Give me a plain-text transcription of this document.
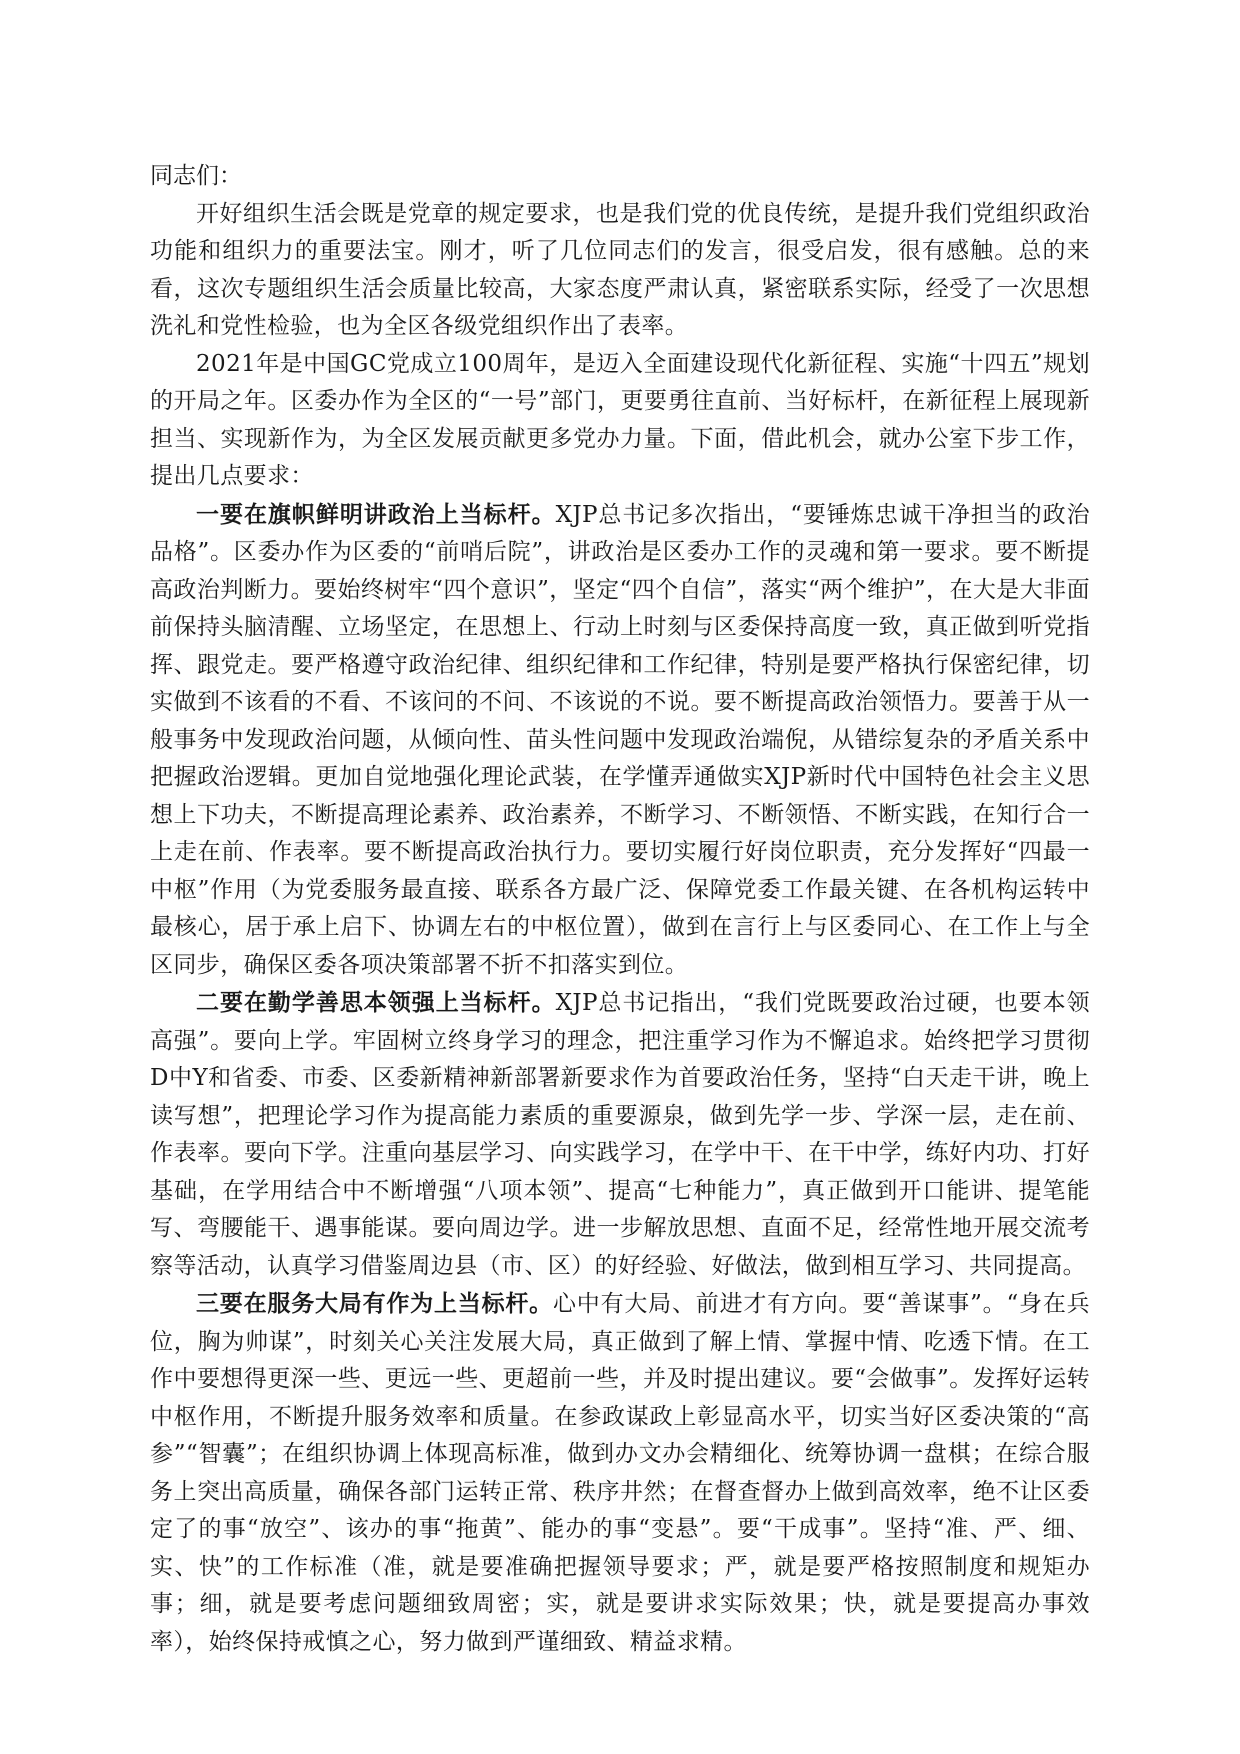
同志们：

开好组织生活会既是党章的规定要求，也是我们党的优良传统，是提升我们党组织政治功能和组织力的重要法宝。刚才，听了几位同志们的发言，很受启发，很有感触。总的来看，这次专题组织生活会质量比较高，大家态度严肃认真，紧密联系实际，经受了一次思想洗礼和党性检验，也为全区各级党组织作出了表率。

2021年是中国GC党成立100周年，是迈入全面建设现代化新征程、实施“十四五”规划的开局之年。区委办作为全区的“一号”部门，更要勇往直前、当好标杆，在新征程上展现新担当、实现新作为，为全区发展贡献更多党办力量。下面，借此机会，就办公室下步工作，提出几点要求：

一要在旗帜鲜明讲政治上当标杆。XJP总书记多次指出，“要锤炼忠诚干净担当的政治品格”。区委办作为区委的“前哨后院”，讲政治是区委办工作的灵魂和第一要求。要不断提高政治判断力。要始终树牢“四个意识”，坚定“四个自信”，落实“两个维护”，在大是大非面前保持头脑清醒、立场坚定，在思想上、行动上时刻与区委保持高度一致，真正做到听党指挥、跟党走。要严格遵守政治纪律、组织纪律和工作纪律，特别是要严格执行保密纪律，切实做到不该看的不看、不该问的不问、不该说的不说。要不断提高政治领悟力。要善于从一般事务中发现政治问题，从倾向性、苗头性问题中发现政治端倪，从错综复杂的矛盾关系中把握政治逻辑。更加自觉地强化理论武装，在学懂弄通做实XJP新时代中国特色社会主义思想上下功夫，不断提高理论素养、政治素养，不断学习、不断领悟、不断实践，在知行合一上走在前、作表率。要不断提高政治执行力。要切实履行好岗位职责，充分发挥好“四最一中枢”作用（为党委服务最直接、联系各方最广泛、保障党委工作最关键、在各机构运转中最核心，居于承上启下、协调左右的中枢位置），做到在言行上与区委同心、在工作上与全区同步，确保区委各项决策部署不折不扣落实到位。

二要在勤学善思本领强上当标杆。XJP总书记指出，“我们党既要政治过硬，也要本领高强”。要向上学。牢固树立终身学习的理念，把注重学习作为不懈追求。始终把学习贯彻D中Y和省委、市委、区委新精神新部署新要求作为首要政治任务，坚持“白天走干讲，晚上读写想”，把理论学习作为提高能力素质的重要源泉，做到先学一步、学深一层，走在前、作表率。要向下学。注重向基层学习、向实践学习，在学中干、在干中学，练好内功、打好基础，在学用结合中不断增强“八项本领”、提高“七种能力”，真正做到开口能讲、提笔能写、弯腰能干、遇事能谋。要向周边学。进一步解放思想、直面不足，经常性地开展交流考察等活动，认真学习借鉴周边县（市、区）的好经验、好做法，做到相互学习、共同提高。

三要在服务大局有作为上当标杆。心中有大局、前进才有方向。要“善谋事”。“身在兵位，胸为帅谋”，时刻关心关注发展大局，真正做到了解上情、掌握中情、吃透下情。在工作中要想得更深一些、更远一些、更超前一些，并及时提出建议。要“会做事”。发挥好运转中枢作用，不断提升服务效率和质量。在参政谋政上彰显高水平，切实当好区委决策的“高参”“智囊”；在组织协调上体现高标准，做到办文办会精细化、统筹协调一盘棋；在综合服务上突出高质量，确保各部门运转正常、秩序井然；在督查督办上做到高效率，绝不让区委定了的事“放空”、该办的事“拖黄”、能办的事“变悬”。要“干成事”。坚持“准、严、细、实、快”的工作标准（准，就是要准确把握领导要求；严，就是要严格按照制度和规矩办事；细，就是要考虑问题细致周密；实，就是要讲求实际效果；快，就是要提高办事效率），始终保持戒慎之心，努力做到严谨细致、精益求精。
